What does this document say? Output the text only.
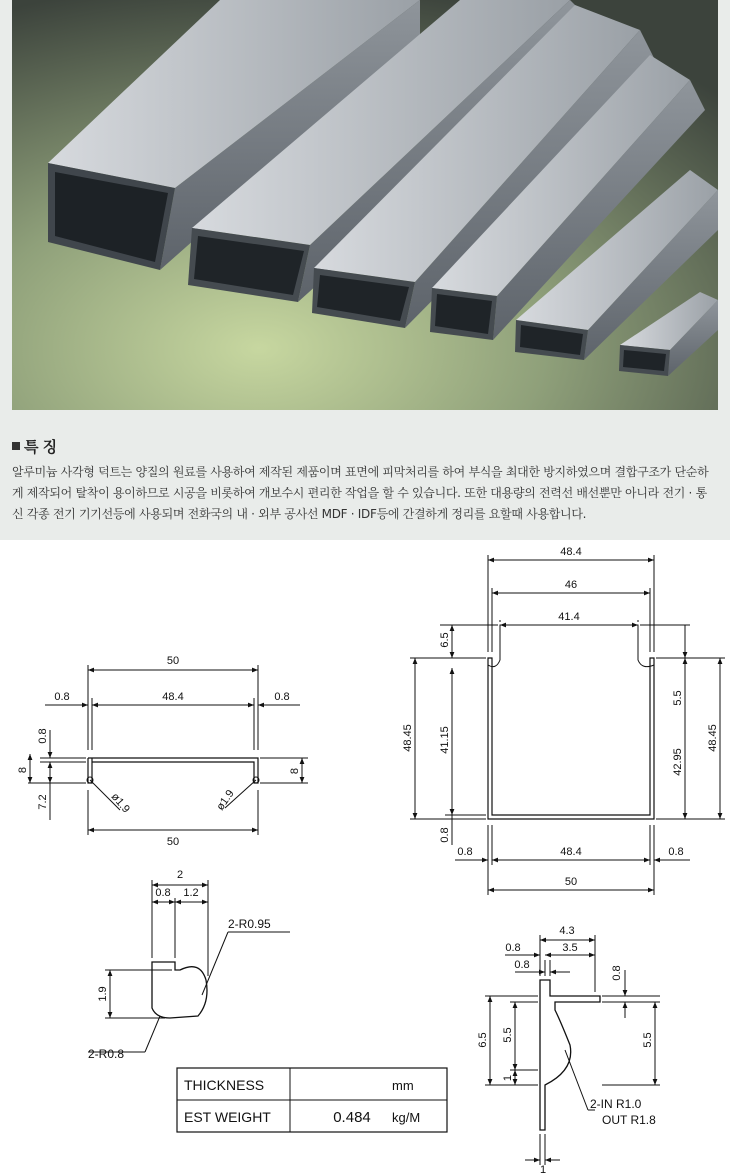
특 징
알루미늄 사각형 덕트는 양질의 원료를 사용하여 제작된 제품이며 표면에 피막처리를 하여 부식을 최대한 방지하였으며 결합구조가 단순하게 제작되어 탈착이 용이하므로 시공을 비롯하여 개보수시 편리한 작업을 할 수 있습니다. 또한 대용량의 전력선 배선뿐만 아니라 전기 · 통신 각종 전기 기기선등에 사용되며 전화국의 내 · 외부 공사선 MDF · IDF등에 간결하게 정리를 요할때 사용합니다.
50
0.8	48.4	0.8
0.8
8
7.2
8
ø1.9	ø1.9
50
48.4
46
41.4
6.5
48.45 41.15
0.8
5.5
42.95
48.45
0.8	48.4	0.8
50
2
0.8 1.2
2-R0.95
1.9
2-R0.8
4.3
0.8	3.5
0.8
0.8
6.5 5.5	5.5
1
2-IN R1.0
OUT R1.8
1
THICKNESS	mm
EST WEIGHT	0.484 kg/M
